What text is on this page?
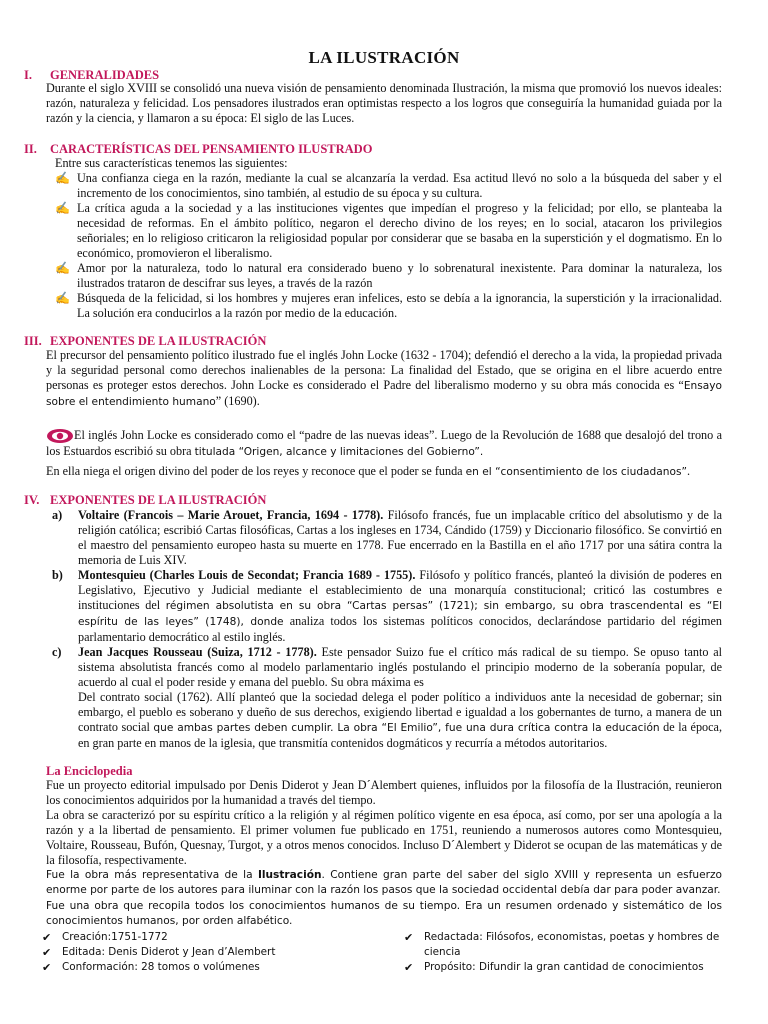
LA ILUSTRACIÓN
I. GENERALIDADES

Durante el siglo XVIII se consolidó una nueva visión de pensamiento denominada Ilustración, la misma que promovió los nuevos ideales: razón, naturaleza y felicidad. Los pensadores ilustrados eran optimistas respecto a los logros que conseguiría la humanidad guiada por la razón y la ciencia, y llamaron a su época: El siglo de las Luces.

II. CARACTERÍSTICAS DEL PENSAMIENTO ILUSTRADO

Entre sus características tenemos las siguientes:

✍ Una confianza ciega en la razón, mediante la cual se alcanzaría la verdad. Esa actitud llevó no solo a la búsqueda del saber y el incremento de los conocimientos, sino también, al estudio de su época y su cultura.
✍ La crítica aguda a la sociedad y a las instituciones vigentes que impedían el progreso y la felicidad; por ello, se planteaba la necesidad de reformas. En el ámbito político, negaron el derecho divino de los reyes; en lo social, atacaron los privilegios señoriales; en lo religioso criticaron la religiosidad popular por considerar que se basaba en la superstición y el dogmatismo. En lo económico, promovieron el liberalismo.
✍ Amor por la naturaleza, todo lo natural era considerado bueno y lo sobrenatural inexistente. Para dominar la naturaleza, los ilustrados trataron de descifrar sus leyes, a través de la razón
✍ Búsqueda de la felicidad, si los hombres y mujeres eran infelices, esto se debía a la ignorancia, la superstición y la irracionalidad. La solución era conducirlos a la razón por medio de la educación.
III. EXPONENTES DE LA ILUSTRACIÓN

El precursor del pensamiento político ilustrado fue el inglés John Locke (1632 - 1704); defendió el derecho a la vida, la propiedad privada y la seguridad personal como derechos inalienables de la persona: La finalidad del Estado, que se origina en el libre acuerdo entre personas es proteger estos derechos. John Locke es considerado el Padre del liberalismo moderno y su obra más conocida es “Ensayo sobre el entendimiento humano” (1690).

El inglés John Locke es considerado como el “padre de las nuevas ideas”. Luego de la Revolución de 1688 que desalojó del trono a los Estuardos escribió su obra titulada “Origen, alcance y limitaciones del Gobierno”.

En ella niega el origen divino del poder de los reyes y reconoce que el poder se funda en el “consentimiento de los ciudadanos”.

IV. EXPONENTES DE LA ILUSTRACIÓN
a) Voltaire (Francois – Marie Arouet, Francia, 1694 - 1778). Filósofo francés, fue un implacable crítico del absolutismo y de la religión católica; escribió Cartas filosóficas, Cartas a los ingleses en 1734, Cándido (1759) y Diccionario filosófico. Se convirtió en el maestro del pensamiento europeo hasta su muerte en 1778. Fue encerrado en la Bastilla en el año 1717 por una sátira contra la memoria de Luis XIV.
b) Montesquieu (Charles Louis de Secondat; Francia 1689 - 1755). Filósofo y político francés, planteó la división de poderes en Legislativo, Ejecutivo y Judicial mediante el establecimiento de una monarquía constitucional; criticó las costumbres e instituciones del régimen absolutista en su obra “Cartas persas” (1721); sin embargo, su obra trascendental es “El espíritu de las leyes” (1748), donde analiza todos los sistemas políticos conocidos, declarándose partidario del régimen parlamentario democrático al estilo inglés.
c) Jean Jacques Rousseau (Suiza, 1712 - 1778). Este pensador Suizo fue el crítico más radical de su tiempo. Se opuso tanto al sistema absolutista francés como al modelo parlamentario inglés postulando el principio moderno de la soberanía popular, de acuerdo al cual el poder reside y emana del pueblo. Su obra máxima es
Del contrato social (1762). Allí planteó que la sociedad delega el poder político a individuos ante la necesidad de gobernar; sin embargo, el pueblo es soberano y dueño de sus derechos, exigiendo libertad e igualdad a los gobernantes de turno, a manera de un contrato social que ambas partes deben cumplir. La obra “El Emilio”, fue una dura crítica contra la educación de la época, en gran parte en manos de la iglesia, que transmitía contenidos dogmáticos y recurría a métodos autoritarios.
La Enciclopedia

Fue un proyecto editorial impulsado por Denis Diderot y Jean D´Alembert quienes, influidos por la filosofía de la Ilustración, reunieron los conocimientos adquiridos por la humanidad a través del tiempo.

La obra se caracterizó por su espíritu crítico a la religión y al régimen político vigente en esa época, así como, por ser una apología a la razón y a la libertad de pensamiento. El primer volumen fue publicado en 1751, reuniendo a numerosos autores como Montesquieu, Voltaire, Rousseau, Bufón, Quesnay, Turgot, y a otros menos conocidos. Incluso D´Alembert y Diderot se ocupan de las matemáticas y de la filosofía, respectivamente.

Fue la obra más representativa de la Ilustración. Contiene gran parte del saber del siglo XVIII y representa un esfuerzo enorme por parte de los autores para iluminar con la razón los pasos que la sociedad occidental debía dar para poder avanzar.

Fue una obra que recopila todos los conocimientos humanos de su tiempo. Era un resumen ordenado y sistemático de los conocimientos humanos, por orden alfabético.

✔ Creación:1751-1772
✔ Editada: Denis Diderot y Jean d’Alembert
✔ Conformación: 28 tomos o volúmenes
✔ Redactada: Filósofos, economistas, poetas y hombres de ciencia
✔ Propósito: Difundir la gran cantidad de conocimientos
